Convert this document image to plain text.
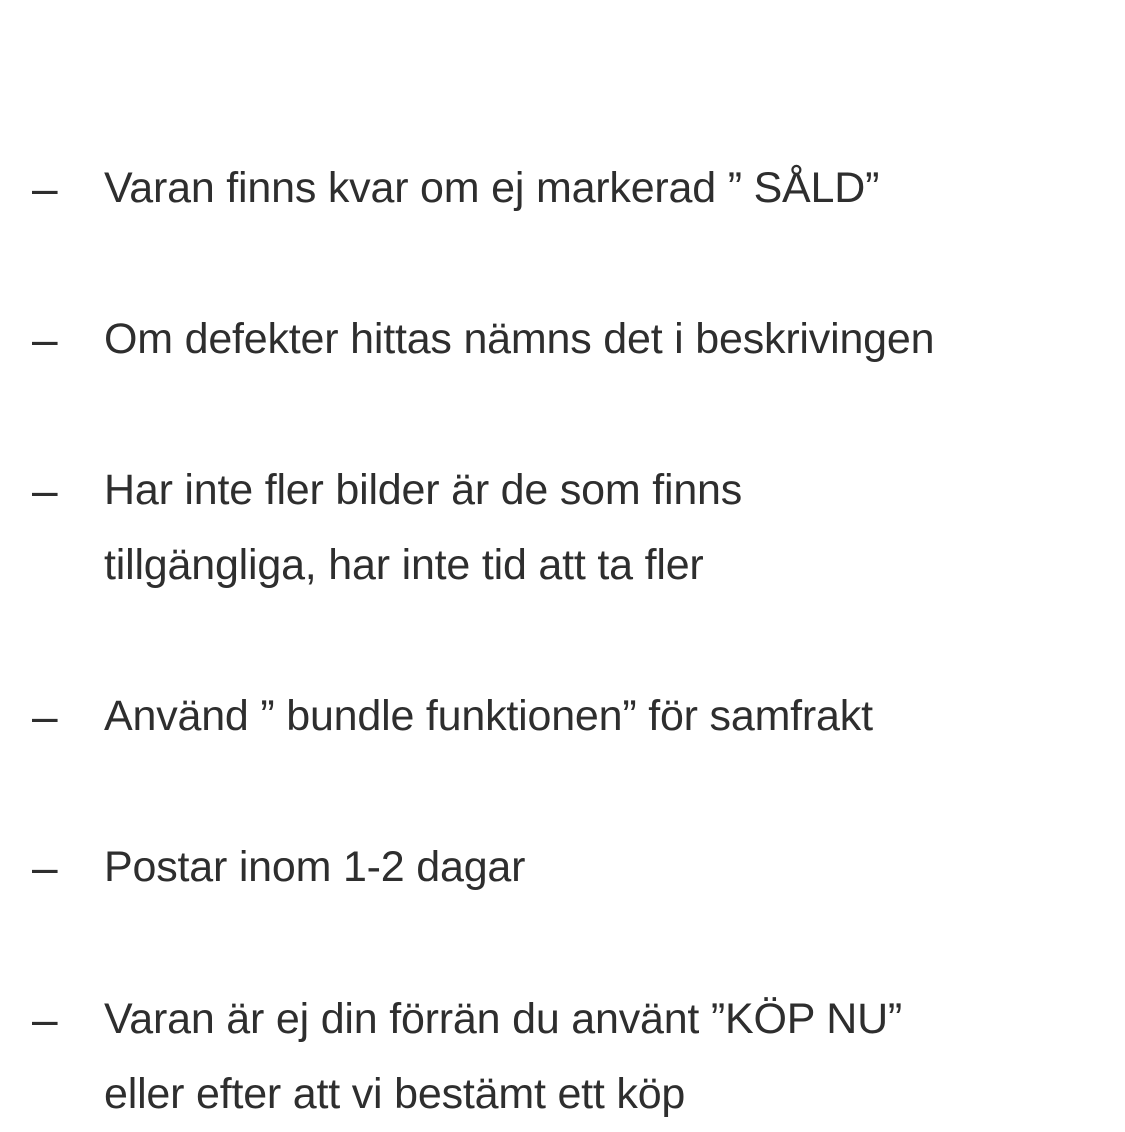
– Varan finns kvar om ej markerad ” SÅLD”
– Om defekter hittas nämns det i beskrivingen
– Har inte fler bilder är de som finns
tillgängliga, har inte tid att ta fler
– Använd ” bundle funktionen” för samfrakt
– Postar inom 1-2 dagar
– Varan är ej din förrän du använt ”KÖP NU”
eller efter att vi bestämt ett köp
